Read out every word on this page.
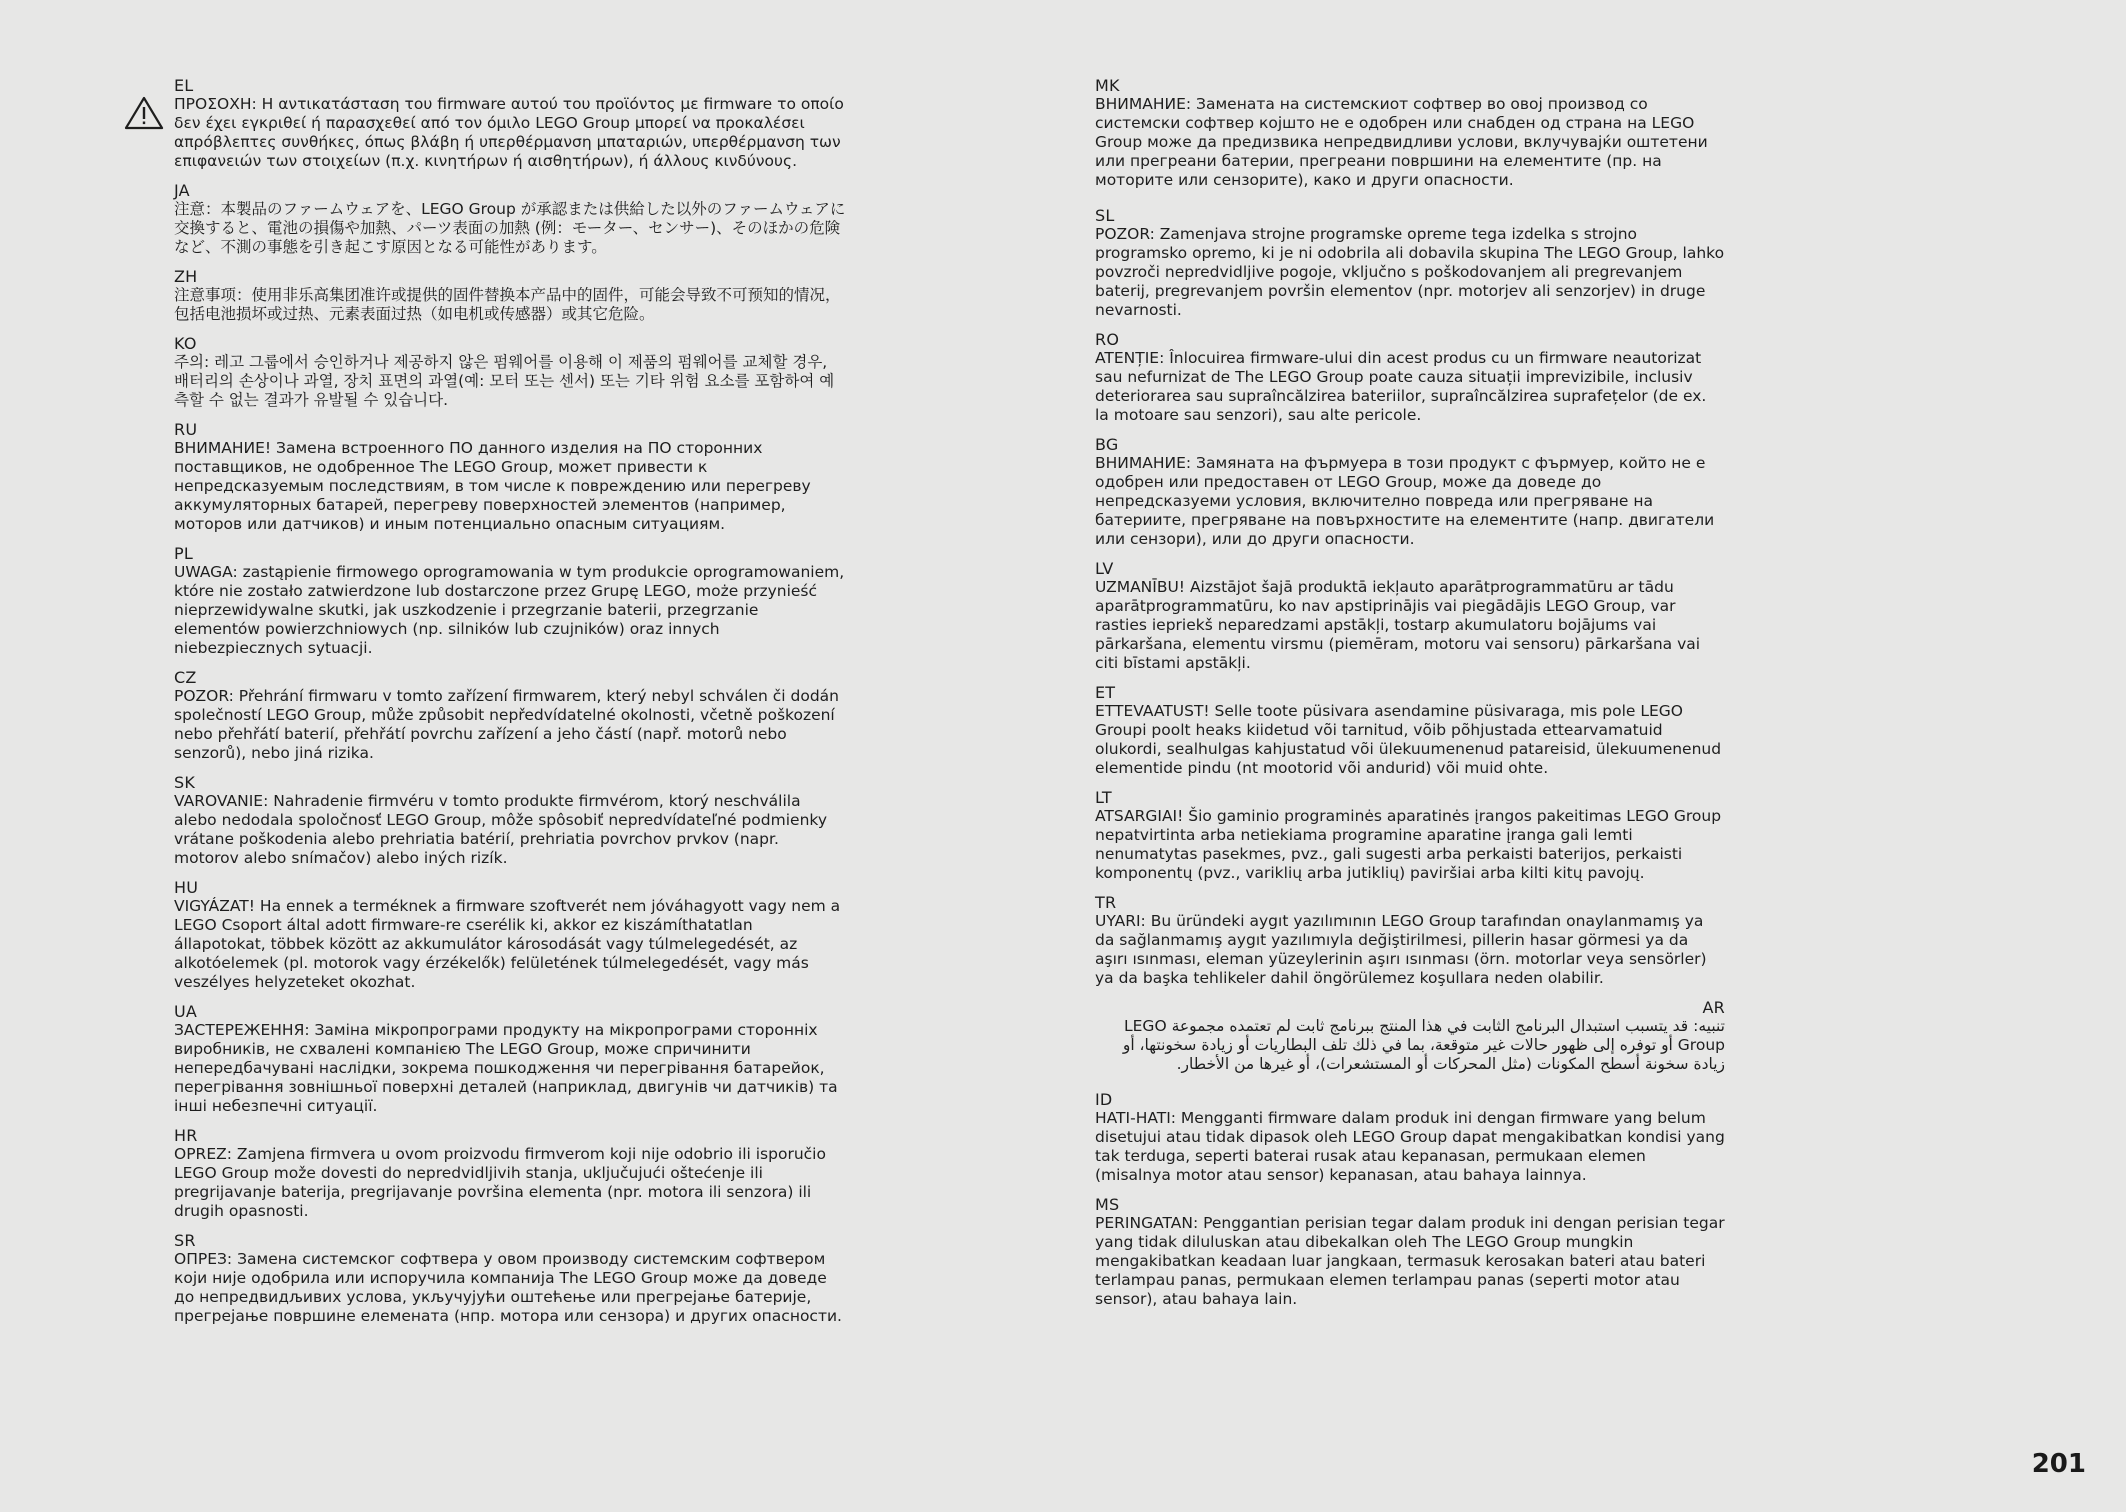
EL
ΠΡΟΣΟΧΗ: Η αντικατάσταση του firmware αυτού του προϊόντος με firmware το οποίο δεν έχει εγκριθεί ή παρασχεθεί από τον όμιλο LEGO Group μπορεί να προκαλέσει απρόβλεπτες συνθήκες, όπως βλάβη ή υπερθέρμανση μπαταριών, υπερθέρμανση των επιφανειών των στοιχείων (π.χ. κινητήρων ή αισθητήρων), ή άλλους κινδύνους.
JA
注意：本製品のファームウェアを、LEGO Group が承認または供給した以外のファームウェアに交換すると、電池の損傷や加熱、パーツ表面の加熱 (例：モーター、センサー)、そのほかの危険など、不測の事態を引き起こす原因となる可能性があります。
ZH
注意事项：使用非乐高集团准许或提供的固件替换本产品中的固件，可能会导致不可预知的情况，包括电池损坏或过热、元素表面过热（如电机或传感器）或其它危险。
KO
주의: 레고 그룹에서 승인하거나 제공하지 않은 펌웨어를 이용해 이 제품의 펌웨어를 교체할 경우, 배터리의 손상이나 과열, 장치 표면의 과열(예: 모터 또는 센서) 또는 기타 위험 요소를 포함하여 예측할 수 없는 결과가 유발될 수 있습니다.
RU
ВНИМАНИЕ! Замена встроенного ПО данного изделия на ПО сторонних поставщиков, не одобренное The LEGO Group, может привести к непредсказуемым последствиям, в том числе к повреждению или перегреву аккумуляторных батарей, перегреву поверхностей элементов (например, моторов или датчиков) и иным потенциально опасным ситуациям.
PL
UWAGA: zastąpienie firmowego oprogramowania w tym produkcie oprogramowaniem, które nie zostało zatwierdzone lub dostarczone przez Grupę LEGO, może przynieść nieprzewidywalne skutki, jak uszkodzenie i przegrzanie baterii, przegrzanie elementów powierzchniowych (np. silników lub czujników) oraz innych niebezpiecznych sytuacji.
CZ
POZOR: Přehrání firmwaru v tomto zařízení firmwarem, který nebyl schválen či dodán společností LEGO Group, může způsobit nepředvídatelné okolnosti, včetně poškození nebo přehřátí baterií, přehřátí povrchu zařízení a jeho částí (např. motorů nebo senzorů), nebo jiná rizika.
SK
VAROVANIE: Nahradenie firmvéru v tomto produkte firmvérom, ktorý neschválila alebo nedodala spoločnosť LEGO Group, môže spôsobiť nepredvídateľné podmienky vrátane poškodenia alebo prehriatia batérií, prehriatia povrchov prvkov (napr. motorov alebo snímačov) alebo iných rizík.
HU
VIGYÁZAT! Ha ennek a terméknek a firmware szoftverét nem jóváhagyott vagy nem a LEGO Csoport által adott firmware-re cserélik ki, akkor ez kiszámíthatatlan állapotokat, többek között az akkumulátor károsodását vagy túlmelegedését, az alkotóelemek (pl. motorok vagy érzékelők) felületének túlmelegedését, vagy más veszélyes helyzeteket okozhat.
UA
ЗАСТЕРЕЖЕННЯ: Заміна мікропрограми продукту на мікропрограми сторонніх виробників, не схвалені компанією The LEGO Group, може спричинити непередбачувані наслідки, зокрема пошкодження чи перегрівання батарейок, перегрівання зовнішньої поверхні деталей (наприклад, двигунів чи датчиків) та інші небезпечні ситуації.
HR
OPREZ: Zamjena firmvera u ovom proizvodu firmverom koji nije odobrio ili isporučio LEGO Group može dovesti do nepredvidljivih stanja, uključujući oštećenje ili pregrijavanje baterija, pregrijavanje površina elementa (npr. motora ili senzora) ili drugih opasnosti.
SR
ОПРЕЗ: Замена системског софтвера у овом производу системским софтвером који није одобрила или испоручила компанија The LEGO Group може да доведе до непредвидљивих услова, укључујући оштећење или прегрејање батерије, прегрејање површине елемената (нпр. мотора или сензора) и других опасности.
MK
ВНИМАНИЕ: Замената на системскиот софтвер во овој производ со системски софтвер којшто не е одобрен или снабден од страна на LEGO Group може да предизвика непредвидливи услови, вклучувајќи оштетени или прегреани батерии, прегреани површини на елементите (пр. на моторите или сензорите), како и други опасности.
SL
POZOR: Zamenjava strojne programske opreme tega izdelka s strojno programsko opremo, ki je ni odobrila ali dobavila skupina The LEGO Group, lahko povzroči nepredvidljive pogoje, vključno s poškodovanjem ali pregrevanjem baterij, pregrevanjem površin elementov (npr. motorjev ali senzorjev) in druge nevarnosti.
RO
ATENȚIE: Înlocuirea firmware-ului din acest produs cu un firmware neautorizat sau nefurnizat de The LEGO Group poate cauza situații imprevizibile, inclusiv deteriorarea sau supraîncălzirea bateriilor, supraîncălzirea suprafețelor (de ex. la motoare sau senzori), sau alte pericole.
BG
ВНИМАНИЕ: Замяната на фърмуера в този продукт с фърмуер, който не е одобрен или предоставен от LEGO Group, може да доведе до непредсказуеми условия, включително повреда или прегряване на батериите, прегряване на повърхностите на елементите (напр. двигатели или сензори), или до други опасности.
LV
UZMANĪBU! Aizstājot šajā produktā iekļauto aparātprogrammatūru ar tādu aparātprogrammatūru, ko nav apstiprinājis vai piegādājis LEGO Group, var rasties iepriekš neparedzami apstākļi, tostarp akumulatoru bojājums vai pārkaršana, elementu virsmu (piemēram, motoru vai sensoru) pārkaršana vai citi bīstami apstākļi.
ET
ETTEVAATUST! Selle toote püsivara asendamine püsivaraga, mis pole LEGO Groupi poolt heaks kiidetud või tarnitud, võib põhjustada ettearvamatuid olukordi, sealhulgas kahjustatud või ülekuumenenud patareisid, ülekuumenenud elementide pindu (nt mootorid või andurid) või muid ohte.
LT
ATSARGIAI! Šio gaminio programinės aparatinės įrangos pakeitimas LEGO Group nepatvirtinta arba netiekiama programine aparatine įranga gali lemti nenumatytas pasekmes, pvz., gali sugesti arba perkaisti baterijos, perkaisti komponentų (pvz., variklių arba jutiklių) paviršiai arba kilti kitų pavojų.
TR
UYARI: Bu üründeki aygıt yazılımının LEGO Group tarafından onaylanmamış ya da sağlanmamış aygıt yazılımıyla değiştirilmesi, pillerin hasar görmesi ya da aşırı ısınması, eleman yüzeylerinin aşırı ısınması (örn. motorlar veya sensörler) ya da başka tehlikeler dahil öngörülemez koşullara neden olabilir.
AR
تنبيه: قد يتسبب استبدال البرنامج الثابت في هذا المنتج ببرنامج ثابت لم تعتمده مجموعة LEGO Group أو توفره إلى ظهور حالات غير متوقعة، بما في ذلك تلف البطاريات أو زيادة سخونتها، أو زيادة سخونة أسطح المكونات (مثل المحركات أو المستشعرات)، أو غيرها من الأخطار.
ID
HATI-HATI: Mengganti firmware dalam produk ini dengan firmware yang belum disetujui atau tidak dipasok oleh LEGO Group dapat mengakibatkan kondisi yang tak terduga, seperti baterai rusak atau kepanasan, permukaan elemen (misalnya motor atau sensor) kepanasan, atau bahaya lainnya.
MS
PERINGATAN: Penggantian perisian tegar dalam produk ini dengan perisian tegar yang tidak diluluskan atau dibekalkan oleh The LEGO Group mungkin mengakibatkan keadaan luar jangkaan, termasuk kerosakan bateri atau bateri terlampau panas, permukaan elemen terlampau panas (seperti motor atau sensor), atau bahaya lain.
201
